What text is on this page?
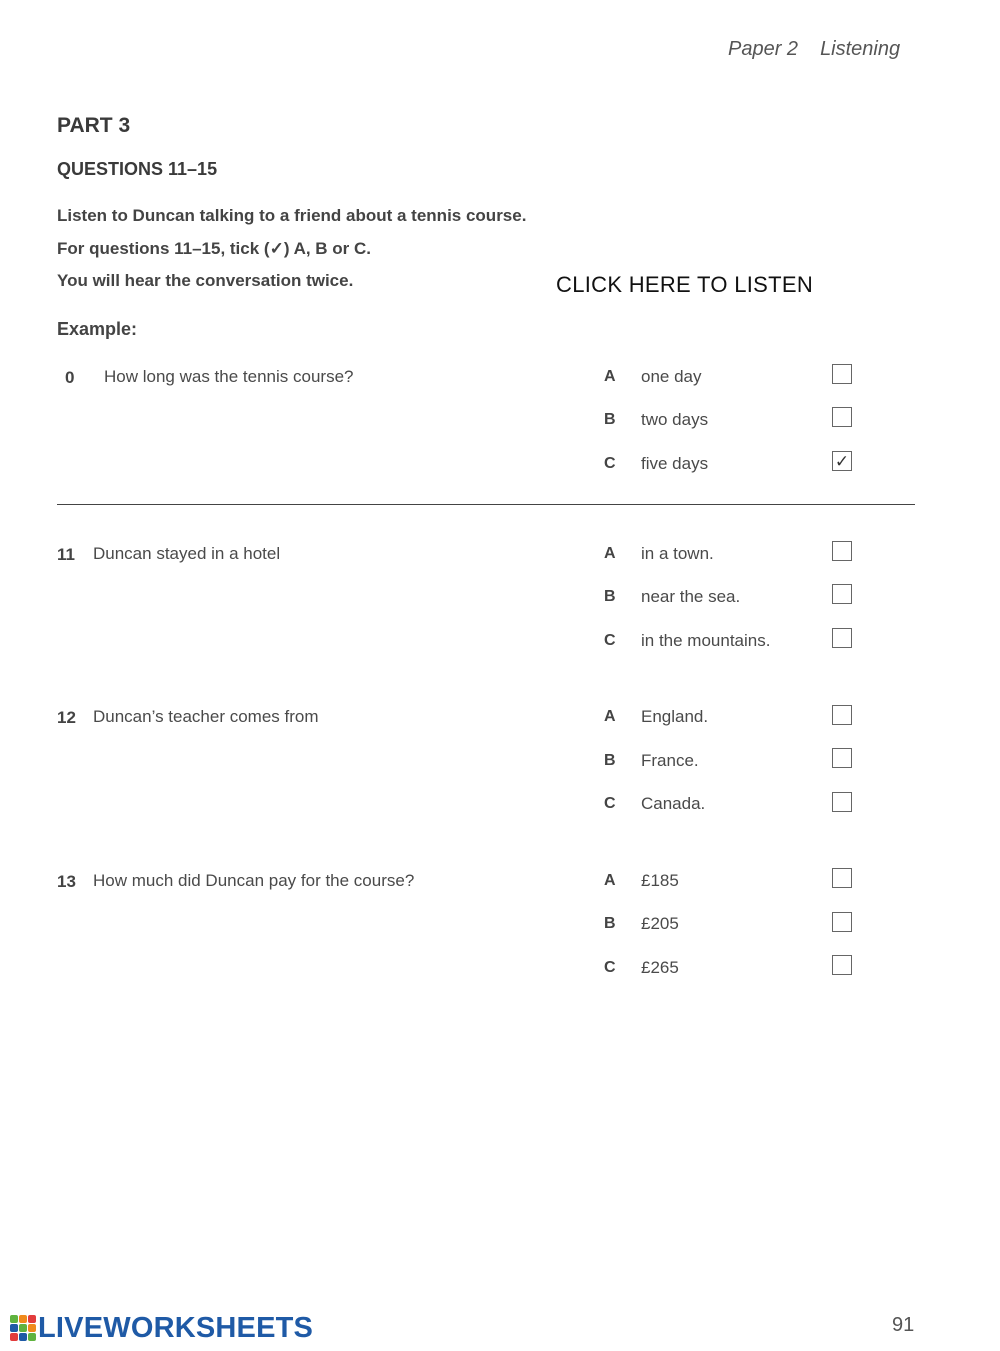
Paper 2 Listening
PART 3
QUESTIONS 11–15
Listen to Duncan talking to a friend about a tennis course.
For questions 11–15, tick (✓) A, B or C.
You will hear the conversation twice.	CLICK HERE TO LISTEN
Example:
0 How long was the tennis course?	A one day
B two days
C five days	✓
11 Duncan stayed in a hotel	A in a town.
B near the sea.
C in the mountains.
12 Duncan’s teacher comes from	A England.
B France.
C Canada.
13 How much did Duncan pay for the course?	A £185
B £205
C £265
LIVEWORKSHEETS	91
